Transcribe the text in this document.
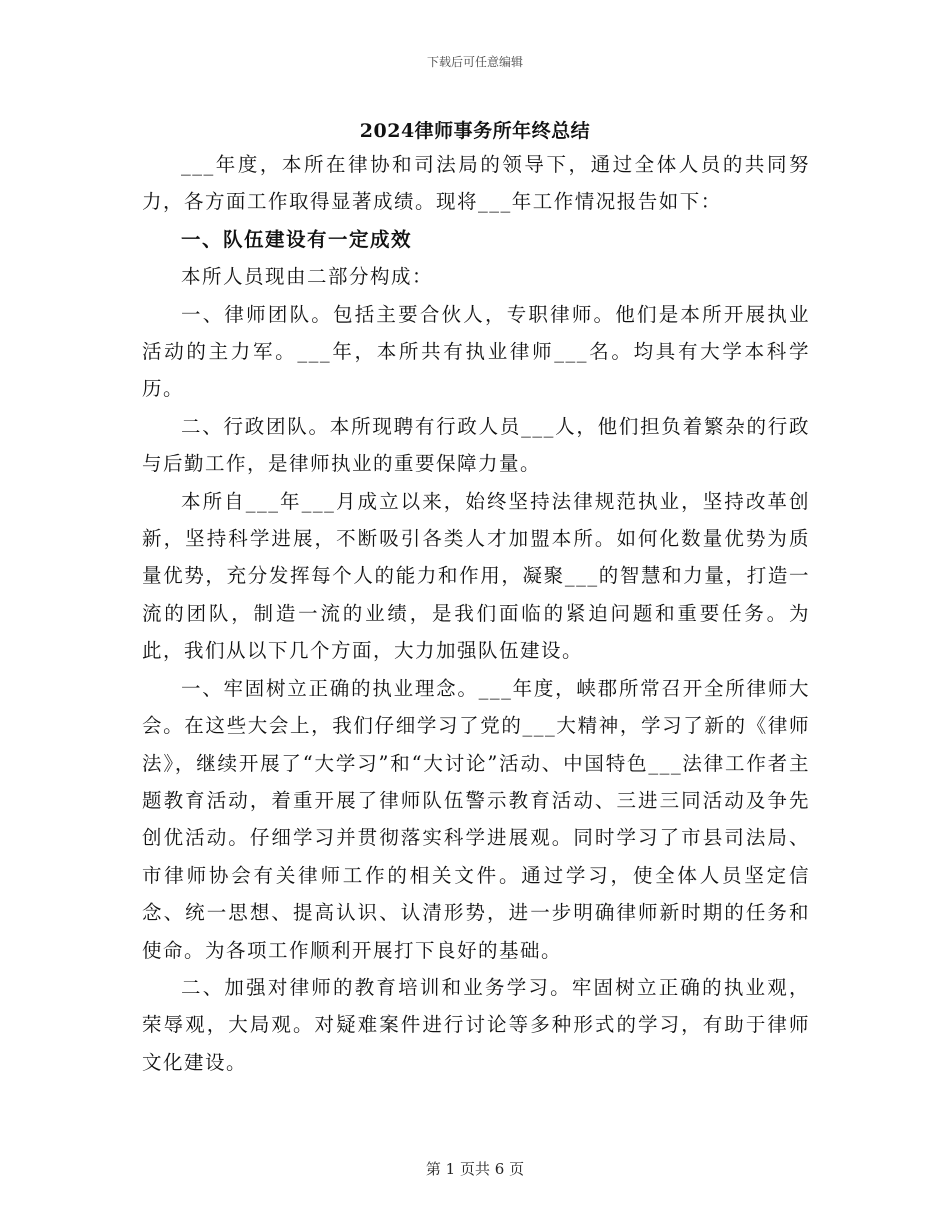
下载后可任意编辑
2024律师事务所年终总结

___年度，本所在律协和司法局的领导下，通过全体人员的共同努力，各方面工作取得显著成绩。现将___年工作情况报告如下：

一、队伍建设有一定成效

本所人员现由二部分构成：

一、律师团队。包括主要合伙人，专职律师。他们是本所开展执业活动的主力军。___年，本所共有执业律师___名。均具有大学本科学历。

二、行政团队。本所现聘有行政人员___人，他们担负着繁杂的行政与后勤工作，是律师执业的重要保障力量。

本所自___年___月成立以来，始终坚持法律规范执业，坚持改革创新，坚持科学进展，不断吸引各类人才加盟本所。如何化数量优势为质量优势，充分发挥每个人的能力和作用，凝聚___的智慧和力量，打造一流的团队，制造一流的业绩，是我们面临的紧迫问题和重要任务。为此，我们从以下几个方面，大力加强队伍建设。

一、牢固树立正确的执业理念。___年度，峡郡所常召开全所律师大会。在这些大会上，我们仔细学习了党的___大精神，学习了新的《律师法》，继续开展了“大学习”和“大讨论”活动、中国特色___法律工作者主题教育活动，着重开展了律师队伍警示教育活动、三进三同活动及争先创优活动。仔细学习并贯彻落实科学进展观。同时学习了市县司法局、市律师协会有关律师工作的相关文件。通过学习，使全体人员坚定信念、统一思想、提高认识、认清形势，进一步明确律师新时期的任务和使命。为各项工作顺利开展打下良好的基础。

二、加强对律师的教育培训和业务学习。牢固树立正确的执业观，荣辱观，大局观。对疑难案件进行讨论等多种形式的学习，有助于律师文化建设。

第 1 页共 6 页
